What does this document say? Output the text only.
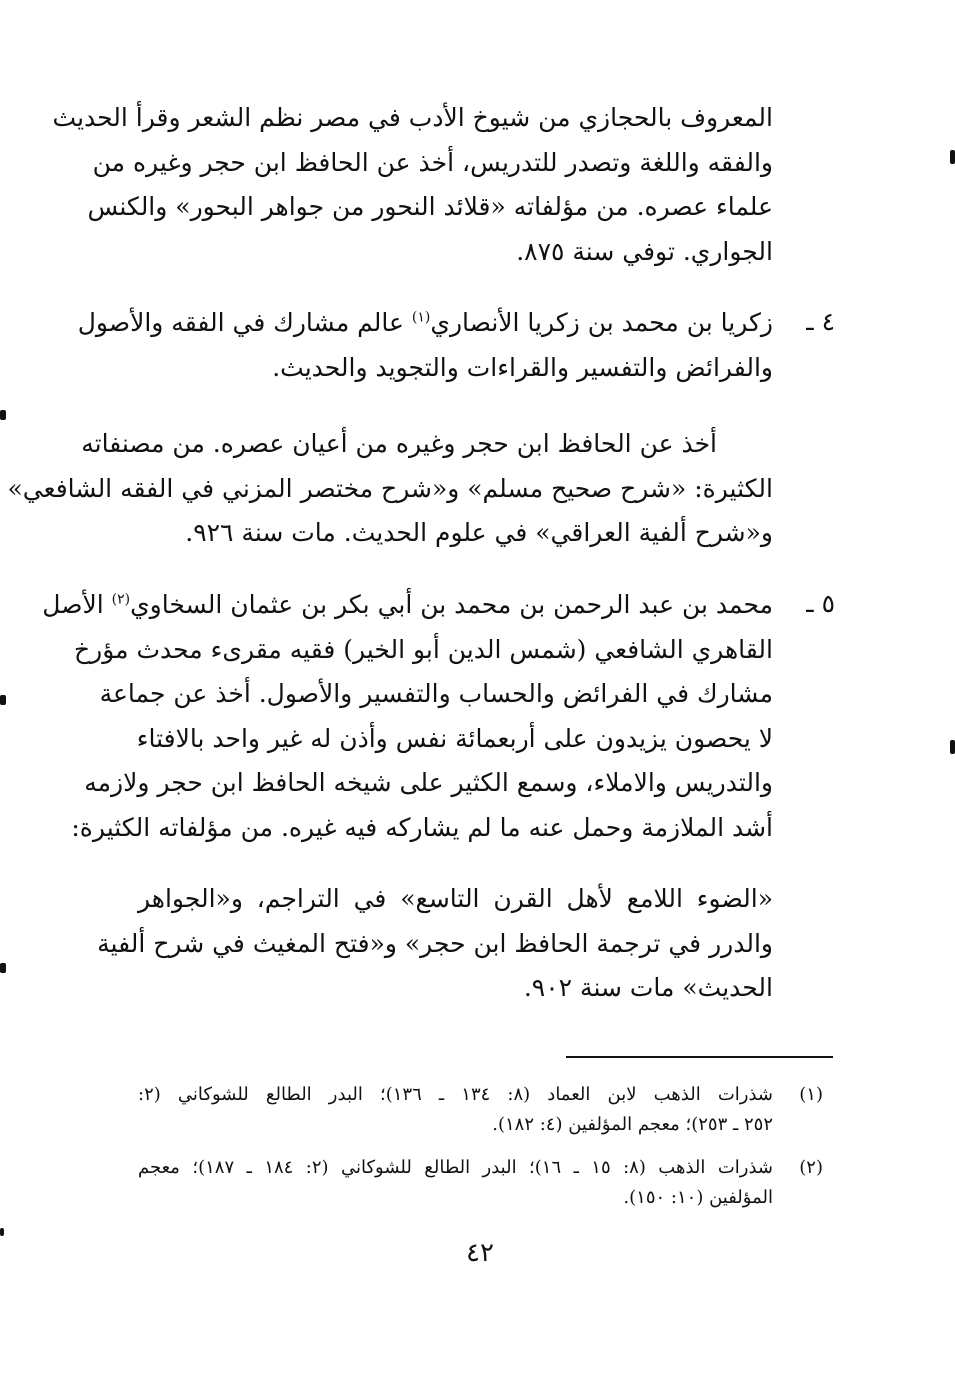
المعروف بالحجازي من شيوخ الأدب في مصر نظم الشعر وقرأ الحديث
والفقه واللغة وتصدر للتدريس، أخذ عن الحافظ ابن حجر وغيره من
علماء عصره. من مؤلفاته «قلائد النحور من جواهر البحور» والكنس
الجواري. توفي سنة ٨٧٥.
٤ ـ
زكريا بن محمد بن زكريا الأنصاري$^{(١)}$ عالم مشارك في الفقه والأصول
والفرائض والتفسير والقراءات والتجويد والحديث.
أخذ عن الحافظ ابن حجر وغيره من أعيان عصره. من مصنفاته
الكثيرة: «شرح صحيح مسلم» و«شرح مختصر المزني في الفقه الشافعي»
و«شرح ألفية العراقي» في علوم الحديث. مات سنة ٩٢٦.
٥ ـ
محمد بن عبد الرحمن بن محمد بن أبي بكر بن عثمان السخاوي$^{(٢)}$ الأصل
القاهري الشافعي (شمس الدين أبو الخير) فقيه مقرىء محدث مؤرخ
مشارك في الفرائض والحساب والتفسير والأصول. أخذ عن جماعة
لا يحصون يزيدون على أربعمائة نفس وأذن له غير واحد بالافتاء
والتدريس والاملاء، وسمع الكثير على شيخه الحافظ ابن حجر ولازمه
أشد الملازمة وحمل عنه ما لم يشاركه فيه غيره. من مؤلفاته الكثيرة:
«الضوء اللامع لأهل القرن التاسع» في التراجم، و«الجواهر
والدرر في ترجمة الحافظ ابن حجر» و«فتح المغيث في شرح ألفية
الحديث» مات سنة ٩٠٢.
(١)
شذرات الذهب لابن العماد (٨: ١٣٤ ـ ١٣٦)؛ البدر الطالع للشوكاني (٢:
٢٥٢ ـ ٢٥٣)؛ معجم المؤلفين (٤: ١٨٢).
(٢)
شذرات الذهب (٨: ١٥ ـ ١٦)؛ البدر الطالع للشوكاني (٢: ١٨٤ ـ ١٨٧)؛ معجم
المؤلفين (١٠: ١٥٠).
٤٢
